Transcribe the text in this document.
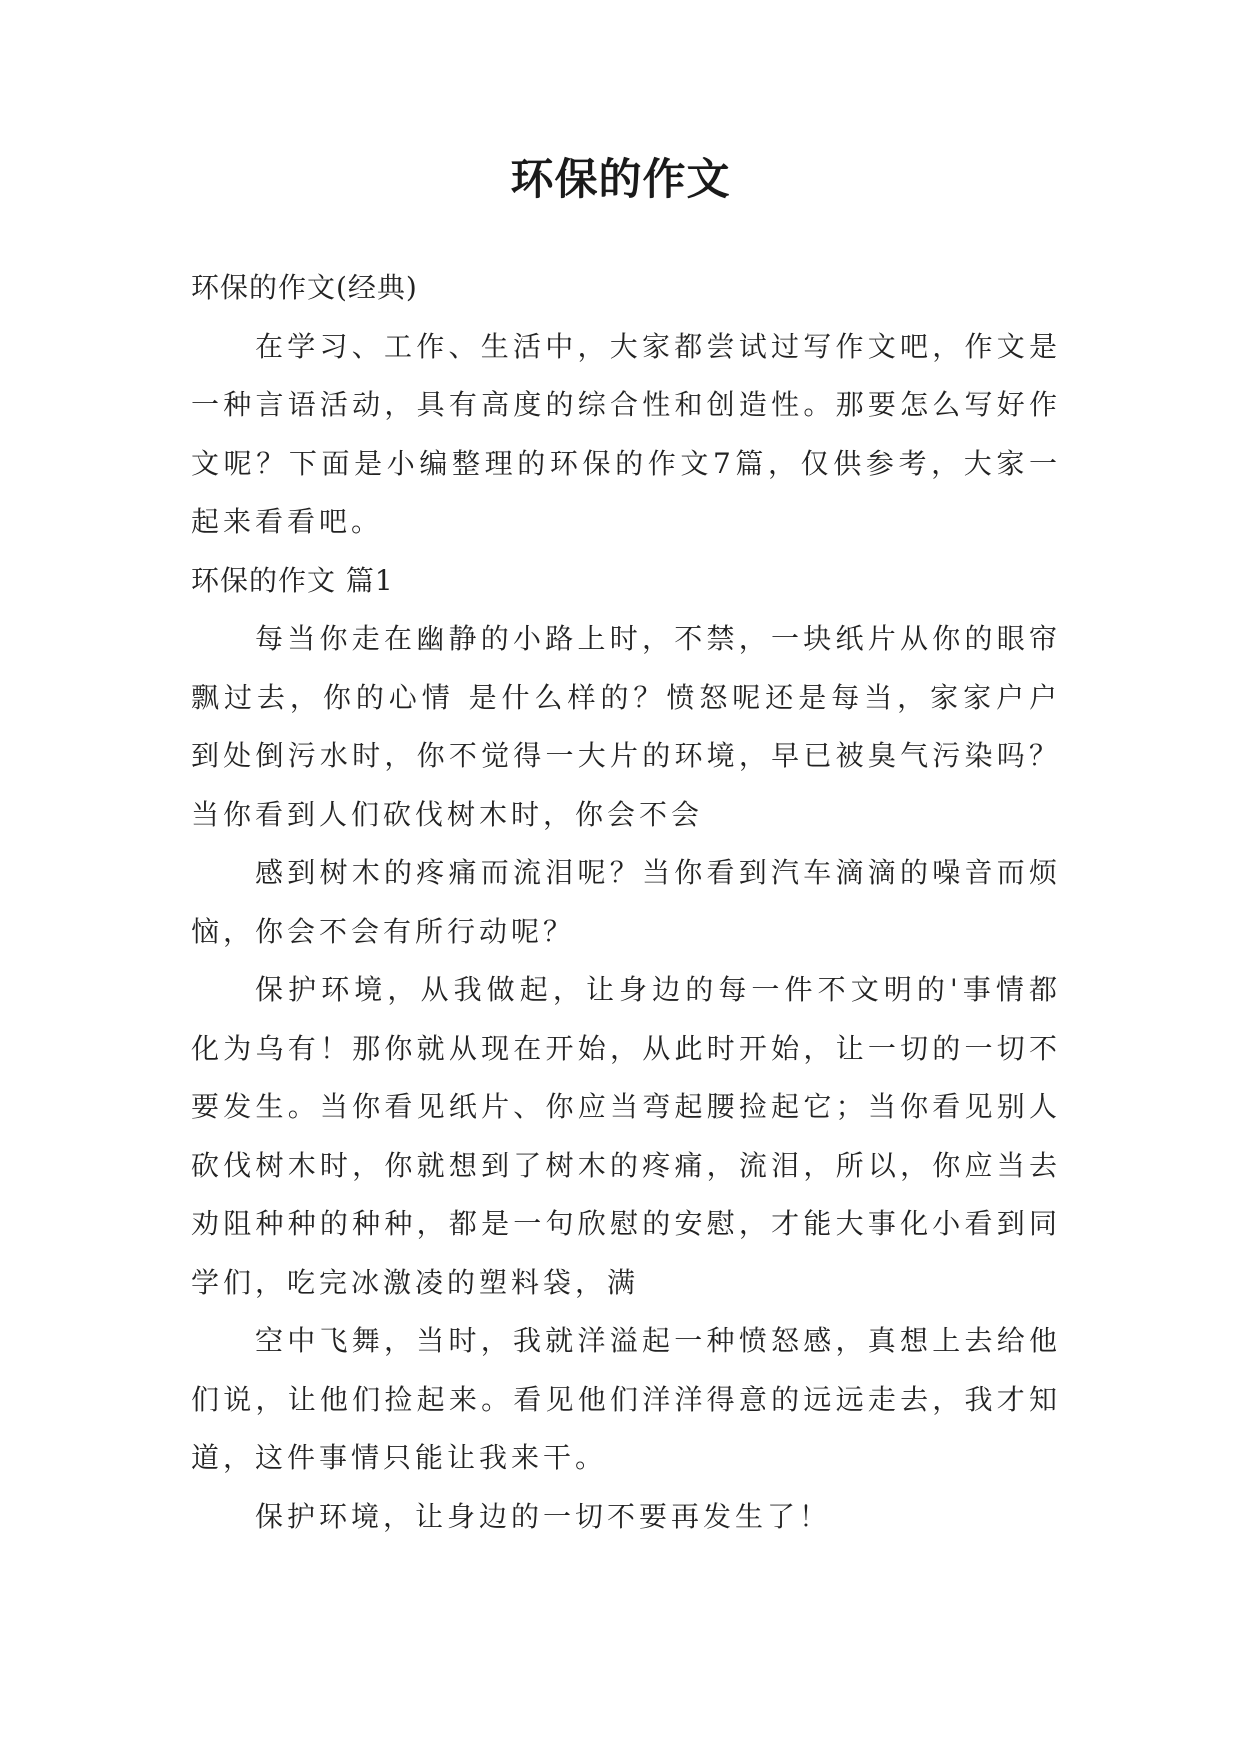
环保的作文

环保的作文(经典)

在学习、工作、生活中，大家都尝试过写作文吧，作文是一种言语活动，具有高度的综合性和创造性。那要怎么写好作文呢？下面是小编整理的环保的作文7篇，仅供参考，大家一起来看看吧。

环保的作文 篇1

每当你走在幽静的小路上时，不禁，一块纸片从你的眼帘飘过去，你的心情 是什么样的？愤怒呢还是每当，家家户户到处倒污水时，你不觉得一大片的环境，早已被臭气污染吗？当你看到人们砍伐树木时，你会不会

感到树木的疼痛而流泪呢？当你看到汽车滴滴的噪音而烦恼，你会不会有所行动呢？

保护环境，从我做起，让身边的每一件不文明的'事情都化为乌有！那你就从现在开始，从此时开始，让一切的一切不要发生。当你看见纸片、你应当弯起腰捡起它；当你看见别人砍伐树木时，你就想到了树木的疼痛，流泪，所以，你应当去劝阻种种的种种，都是一句欣慰的安慰，才能大事化小看到同学们，吃完冰激凌的塑料袋，满

空中飞舞，当时，我就洋溢起一种愤怒感，真想上去给他们说，让他们捡起来。看见他们洋洋得意的远远走去，我才知道，这件事情只能让我来干。

保护环境，让身边的一切不要再发生了！
